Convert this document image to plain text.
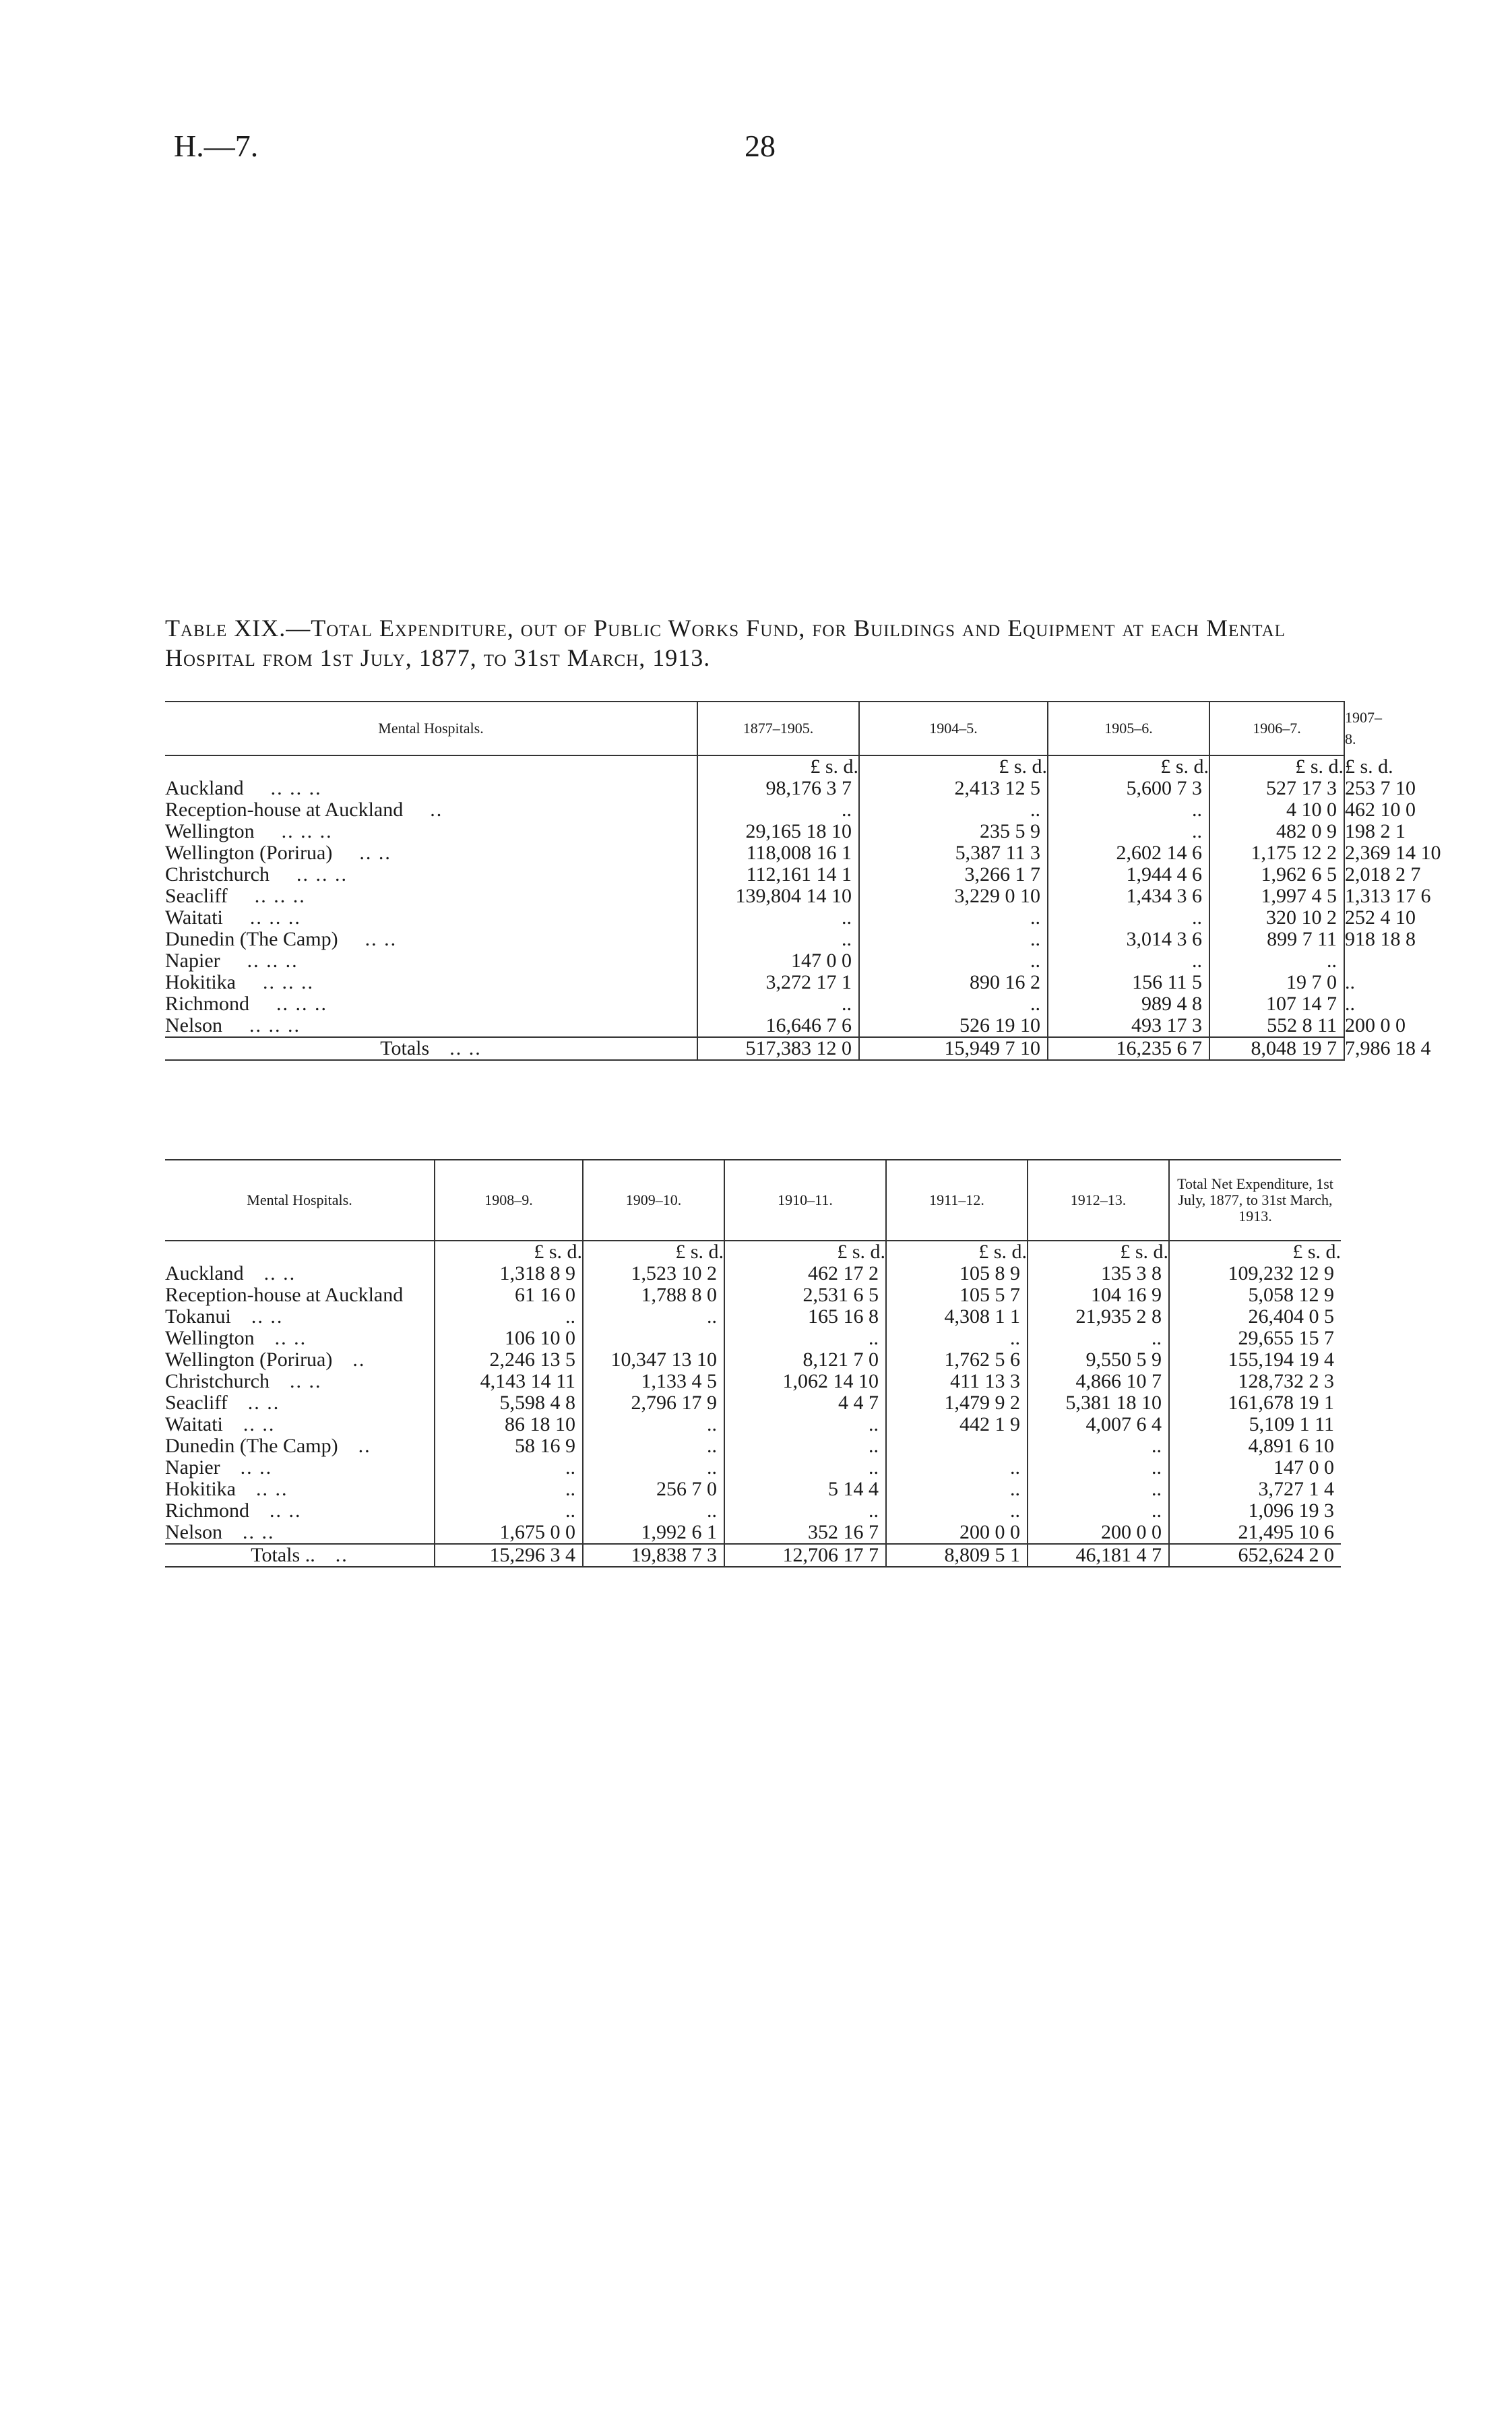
H.—7.	28
Table XIX.—Total Expenditure, out of Public Works Fund, for Buildings and Equipment at each Mental Hospital from 1st July, 1877, to 31st March, 1913.
Mental Hospitals.	1877–1905.	1904–5.	1905–6.	1906–7.	1907–8.
	£ s. d.	£ s. d.	£ s. d.	£ s. d.	£ s. d.
Auckland .. .. ..	98,176 3 7	2,413 12 5	5,600 7 3	527 17 3	253 7 10
Reception-house at Auckland ..	..	..	..	4 10 0	462 10 0
Wellington .. .. ..	29,165 18 10	235 5 9	..	482 0 9	198 2 1
Wellington (Porirua) .. ..	118,008 16 1	5,387 11 3	2,602 14 6	1,175 12 2	2,369 14 10
Christchurch .. .. ..	112,161 14 1	3,266 1 7	1,944 4 6	1,962 6 5	2,018 2 7
Seacliff .. .. ..	139,804 14 10	3,229 0 10	1,434 3 6	1,997 4 5	1,313 17 6
Waitati .. .. ..	..	..	..	320 10 2	252 4 10
Dunedin (The Camp) .. ..	..	..	3,014 3 6	899 7 11	918 18 8
Napier .. .. ..	147 0 0	..	..	..	
Hokitika .. .. ..	3,272 17 1	890 16 2	156 11 5	19 7 0	..
Richmond .. .. ..	..	..	989 4 8	107 14 7	..
Nelson .. .. ..	16,646 7 6	526 19 10	493 17 3	552 8 11	200 0 0
Totals .. ..	517,383 12 0	15,949 7 10	16,235 6 7	8,048 19 7	7,986 18 4
Mental Hospitals.	1908–9.	1909–10.	1910–11.	1911–12.	1912–13.	Total Net Expenditure, 1st July, 1877, to 31st March, 1913.
	£ s. d.	£ s. d.	£ s. d.	£ s. d.	£ s. d.	£ s. d.
Auckland .. ..	1,318 8 9	1,523 10 2	462 17 2	105 8 9	135 3 8	109,232 12 9
Reception-house at Auckland	61 16 0	1,788 8 0	2,531 6 5	105 5 7	104 16 9	5,058 12 9
Tokanui .. ..	..	..	165 16 8	4,308 1 1	21,935 2 8	26,404 0 5
Wellington .. ..	106 10 0		..	..	..	29,655 15 7
Wellington (Porirua) ..	2,246 13 5	10,347 13 10	8,121 7 0	1,762 5 6	9,550 5 9	155,194 19 4
Christchurch .. ..	4,143 14 11	1,133 4 5	1,062 14 10	411 13 3	4,866 10 7	128,732 2 3
Seacliff .. ..	5,598 4 8	2,796 17 9	4 4 7	1,479 9 2	5,381 18 10	161,678 19 1
Waitati .. ..	86 18 10	..	..	442 1 9	4,007 6 4	5,109 1 11
Dunedin (The Camp) ..	58 16 9	..	..		..	4,891 6 10
Napier .. ..	..	..	..	..	..	147 0 0
Hokitika .. ..	..	256 7 0	5 14 4	..	..	3,727 1 4
Richmond .. ..	..	..	..	..	..	1,096 19 3
Nelson .. ..	1,675 0 0	1,992 6 1	352 16 7	200 0 0	200 0 0	21,495 10 6
Totals .. ..	15,296 3 4	19,838 7 3	12,706 17 7	8,809 5 1	46,181 4 7	652,624 2 0
